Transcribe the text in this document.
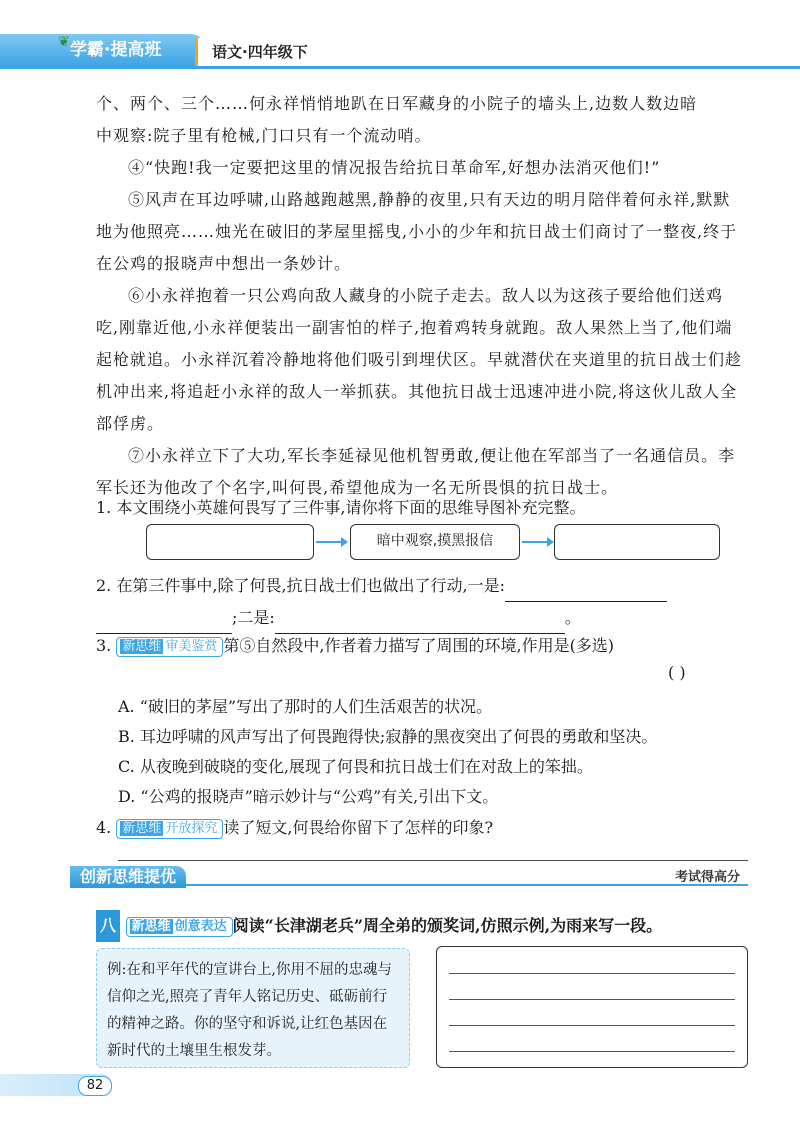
学霸·提高班
❦
语文·四年级下
个、两个、三个……何永祥悄悄地趴在日军藏身的小院子的墙头上,边数人数边暗
中观察:院子里有枪械,门口只有一个流动哨。
④“快跑!我一定要把这里的情况报告给抗日革命军,好想办法消灭他们!”
⑤风声在耳边呼啸,山路越跑越黑,静静的夜里,只有天边的明月陪伴着何永祥,默默地为他照亮……烛光在破旧的茅屋里摇曳,小小的少年和抗日战士们商讨了一整夜,终于在公鸡的报晓声中想出一条妙计。
⑥小永祥抱着一只公鸡向敌人藏身的小院子走去。敌人以为这孩子要给他们送鸡吃,刚靠近他,小永祥便装出一副害怕的样子,抱着鸡转身就跑。敌人果然上当了,他们端起枪就追。小永祥沉着冷静地将他们吸引到埋伏区。早就潜伏在夹道里的抗日战士们趁机冲出来,将追赶小永祥的敌人一举抓获。其他抗日战士迅速冲进小院,将这伙儿敌人全部俘虏。
⑦小永祥立下了大功,军长李延禄见他机智勇敢,便让他在军部当了一名通信员。李军长还为他改了个名字,叫何畏,希望他成为一名无所畏惧的抗日战士。
1. 本文围绕小英雄何畏写了三件事,请你将下面的思维导图补充完整。
暗中观察,摸黑报信
2. 在第三件事中,除了何畏,抗日战士们也做出了行动,一是:
;二是:	。
3. 新思维 审美鉴赏 第⑤自然段中,作者着力描写了周围的环境,作用是(多选)
( )
A. “破旧的茅屋”写出了那时的人们生活艰苦的状况。
B. 耳边呼啸的风声写出了何畏跑得快;寂静的黑夜突出了何畏的勇敢和坚决。
C. 从夜晚到破晓的变化,展现了何畏和抗日战士们在对敌上的笨拙。
D. “公鸡的报晓声”暗示妙计与“公鸡”有关,引出下文。
4. 新思维 开放探究 读了短文,何畏给你留下了怎样的印象?
创新思维提优	考试得高分
八 新思维 创意表达 阅读“长津湖老兵”周全弟的颁奖词,仿照示例,为雨来写一段。
例:在和平年代的宣讲台上,你用不屈的忠魂与信仰之光,照亮了青年人铭记历史、砥砺前行的精神之路。你的坚守和诉说,让红色基因在新时代的土壤里生根发芽。
82
